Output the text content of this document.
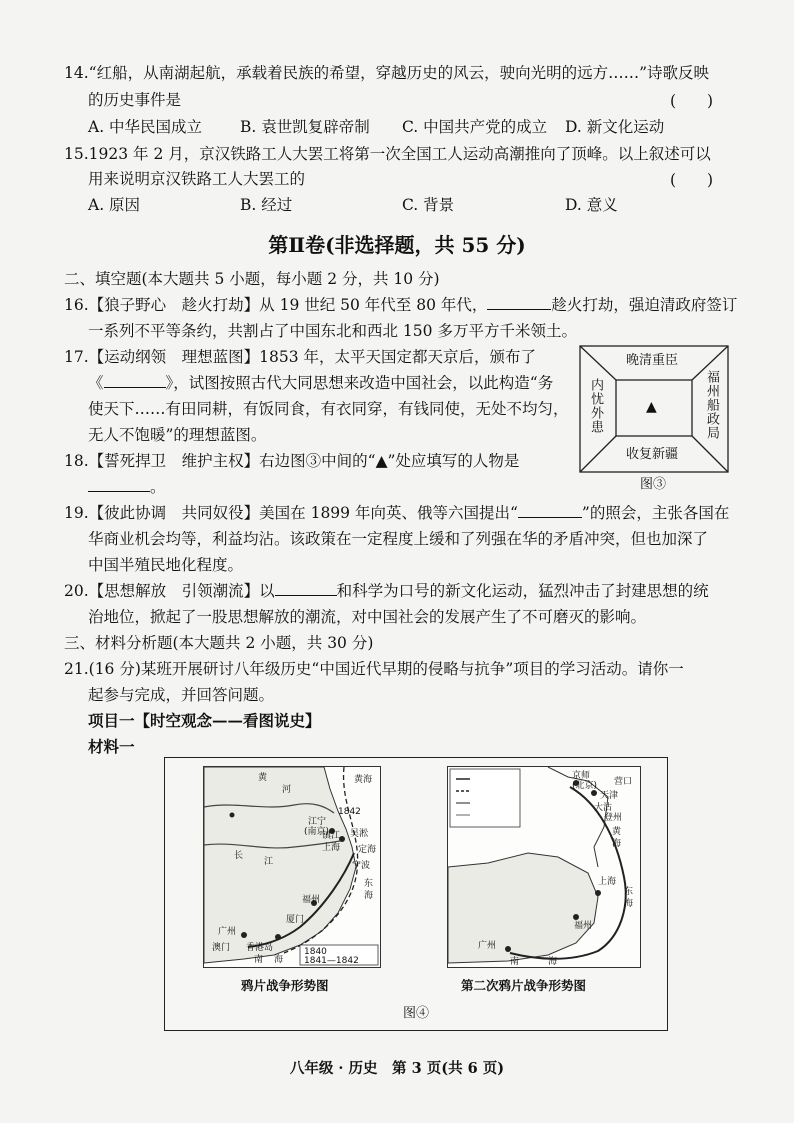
14.“红船，从南湖起航，承载着民族的希望，穿越历史的风云，驶向光明的远方……”诗歌反映
的历史事件是	(　　)
A. 中华民国成立 B. 袁世凯复辟帝制 C. 中国共产党的成立 D. 新文化运动
15.1923 年 2 月，京汉铁路工人大罢工将第一次全国工人运动高潮推向了顶峰。以上叙述可以
用来说明京汉铁路工人大罢工的	(　　)
A. 原因	B. 经过	C. 背景	D. 意义
第Ⅱ卷(非选择题，共 55 分)
二、填空题(本大题共 5 小题，每小题 2 分，共 10 分)
16.【狼子野心　趁火打劫】从 19 世纪 50 年代至 80 年代，	趁火打劫，强迫清政府签订
一系列不平等条约，共割占了中国东北和西北 150 多万平方千米领土。
17.【运动纲领　理想蓝图】1853 年，太平天国定都天京后，颁布了
《	》，试图按照古代大同思想来改造中国社会，以此构造“务
使天下……有田同耕，有饭同食，有衣同穿，有钱同使，无处不均匀，
无人不饱暖”的理想蓝图。
18.【誓死捍卫　维护主权】右边图③中间的“▲”处应填写的人物是
。
晚清重臣
内忧外患	福州船政局
收复新疆
▲
图③
19.【彼此协调　共同奴役】美国在 1899 年向英、俄等六国提出“	”的照会，主张各国在
华商业机会均等，利益均沾。该政策在一定程度上缓和了列强在华的矛盾冲突，但也加深了
中国半殖民地化程度。
20.【思想解放　引领潮流】以	和科学为口号的新文化运动，猛烈冲击了封建思想的统
治地位，掀起了一股思想解放的潮流，对中国社会的发展产生了不可磨灭的影响。
三、材料分析题(本大题共 2 小题，共 30 分)
21.(16 分)某班开展研讨八年级历史“中国近代早期的侵略与抗争”项目的学习活动。请你一
起参与完成，并回答问题。
项目一【时空观念——看图说史】
材料一
黄
河
黄海
长
江
江宁
(南京)
上海
镇江
1842
吴淞
宁波
定海
福州
厦门
广州
香港岛
澳门
南 海
东
海
1840
1841—1842
鸦片战争形势图
京师
(北京)
天津
大沽
黄
海
东
海
上海
福州
广州
南	海
营口
登州
第二次鸦片战争形势图
图④
八年级 · 历史　第 3 页(共 6 页)
